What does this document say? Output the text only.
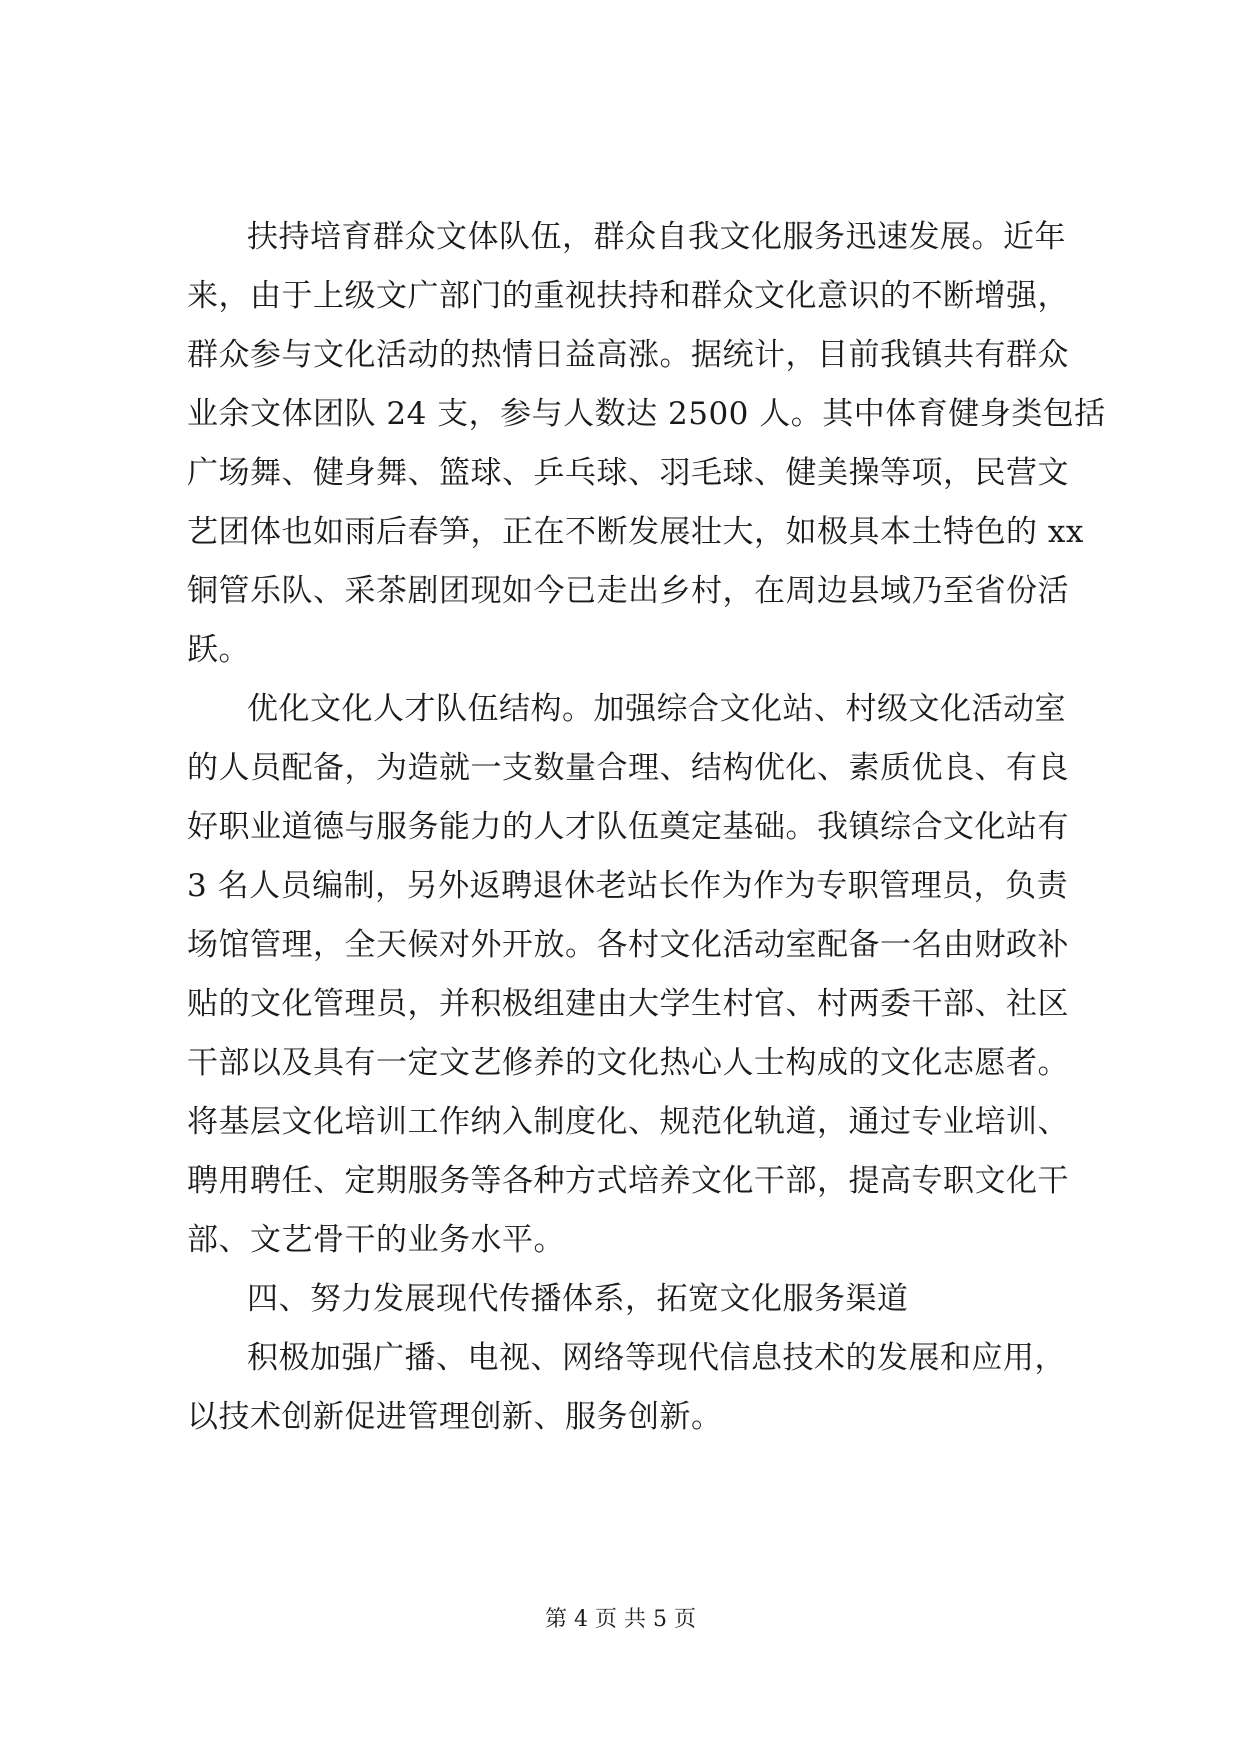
扶持培育群众文体队伍，群众自我文化服务迅速发展。近年
来，由于上级文广部门的重视扶持和群众文化意识的不断增强，
群众参与文化活动的热情日益高涨。据统计，目前我镇共有群众
业余文体团队 24 支，参与人数达 2500 人。其中体育健身类包括
广场舞、健身舞、篮球、乒乓球、羽毛球、健美操等项，民营文
艺团体也如雨后春笋，正在不断发展壮大，如极具本土特色的 xx
铜管乐队、采茶剧团现如今已走出乡村，在周边县域乃至省份活
跃。
优化文化人才队伍结构。加强综合文化站、村级文化活动室
的人员配备，为造就一支数量合理、结构优化、素质优良、有良
好职业道德与服务能力的人才队伍奠定基础。我镇综合文化站有
3 名人员编制，另外返聘退休老站长作为作为专职管理员，负责
场馆管理，全天候对外开放。各村文化活动室配备一名由财政补
贴的文化管理员，并积极组建由大学生村官、村两委干部、社区
干部以及具有一定文艺修养的文化热心人士构成的文化志愿者。
将基层文化培训工作纳入制度化、规范化轨道，通过专业培训、
聘用聘任、定期服务等各种方式培养文化干部，提高专职文化干
部、文艺骨干的业务水平。
四、努力发展现代传播体系，拓宽文化服务渠道
积极加强广播、电视、网络等现代信息技术的发展和应用，
以技术创新促进管理创新、服务创新。
第 4 页 共 5 页
